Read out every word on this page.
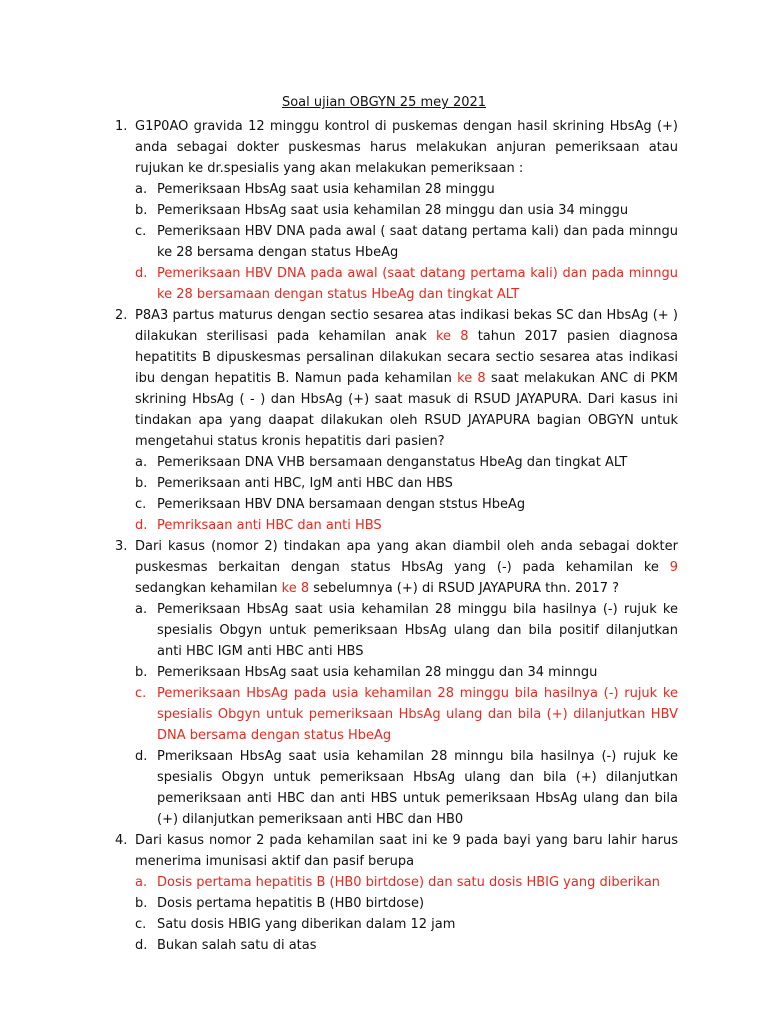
Soal ujian OBGYN 25 mey 2021
1. G1P0AO gravida 12 minggu kontrol di puskemas dengan hasil skrining HbsAg (+) anda sebagai dokter puskesmas harus melakukan anjuran pemeriksaan atau rujukan ke dr.spesialis yang akan melakukan pemeriksaan :
a. Pemeriksaan HbsAg saat usia kehamilan 28 minggu
b. Pemeriksaan HbsAg saat usia kehamilan 28 minggu dan usia 34 minggu
c. Pemeriksaan HBV DNA pada awal ( saat datang pertama kali) dan pada minngu ke 28 bersama dengan status HbeAg
d. Pemeriksaan HBV DNA pada awal (saat datang pertama kali) dan pada minngu ke 28 bersamaan dengan status HbeAg dan tingkat ALT
2. P8A3 partus maturus dengan sectio sesarea atas indikasi bekas SC dan HbsAg (+ ) dilakukan sterilisasi pada kehamilan anak ke 8 tahun 2017 pasien diagnosa hepatitits B dipuskesmas persalinan dilakukan secara sectio sesarea atas indikasi ibu dengan hepatitis B. Namun pada kehamilan ke 8 saat melakukan ANC di PKM skrining HbsAg ( - ) dan HbsAg (+) saat masuk di RSUD JAYAPURA. Dari kasus ini tindakan apa yang daapat dilakukan oleh RSUD JAYAPURA bagian OBGYN untuk mengetahui status kronis hepatitis dari pasien?
a. Pemeriksaan DNA VHB bersamaan denganstatus HbeAg dan tingkat ALT
b. Pemeriksaan anti HBC, IgM anti HBC dan HBS
c. Pemeriksaan HBV DNA bersamaan dengan ststus HbeAg
d. Pemriksaan anti HBC dan anti HBS
3. Dari kasus (nomor 2) tindakan apa yang akan diambil oleh anda sebagai dokter puskesmas berkaitan dengan status HbsAg yang (-) pada kehamilan ke 9 sedangkan kehamilan ke 8 sebelumnya (+) di RSUD JAYAPURA thn. 2017 ?
a. Pemeriksaan HbsAg saat usia kehamilan 28 minggu bila hasilnya (-) rujuk ke spesialis Obgyn untuk pemeriksaan HbsAg ulang dan bila positif dilanjutkan anti HBC IGM anti HBC anti HBS
b. Pemeriksaan HbsAg saat usia kehamilan 28 minggu dan 34 minngu
c. Pemeriksaan HbsAg pada usia kehamilan 28 minggu bila hasilnya (-) rujuk ke spesialis Obgyn untuk pemeriksaan HbsAg ulang dan bila (+) dilanjutkan HBV DNA bersama dengan status HbeAg
d. Pmeriksaan HbsAg saat usia kehamilan 28 minngu bila hasilnya (-) rujuk ke spesialis Obgyn untuk pemeriksaan HbsAg ulang dan bila (+) dilanjutkan pemeriksaan anti HBC dan anti HBS untuk pemeriksaan HbsAg ulang dan bila (+) dilanjutkan pemeriksaan anti HBC dan HB0
4. Dari kasus nomor 2 pada kehamilan saat ini ke 9 pada bayi yang baru lahir harus menerima imunisasi aktif dan pasif berupa
a. Dosis pertama hepatitis B (HB0 birtdose) dan satu dosis HBIG yang diberikan
b. Dosis pertama hepatitis B (HB0 birtdose)
c. Satu dosis HBIG yang diberikan dalam 12 jam
d. Bukan salah satu di atas
